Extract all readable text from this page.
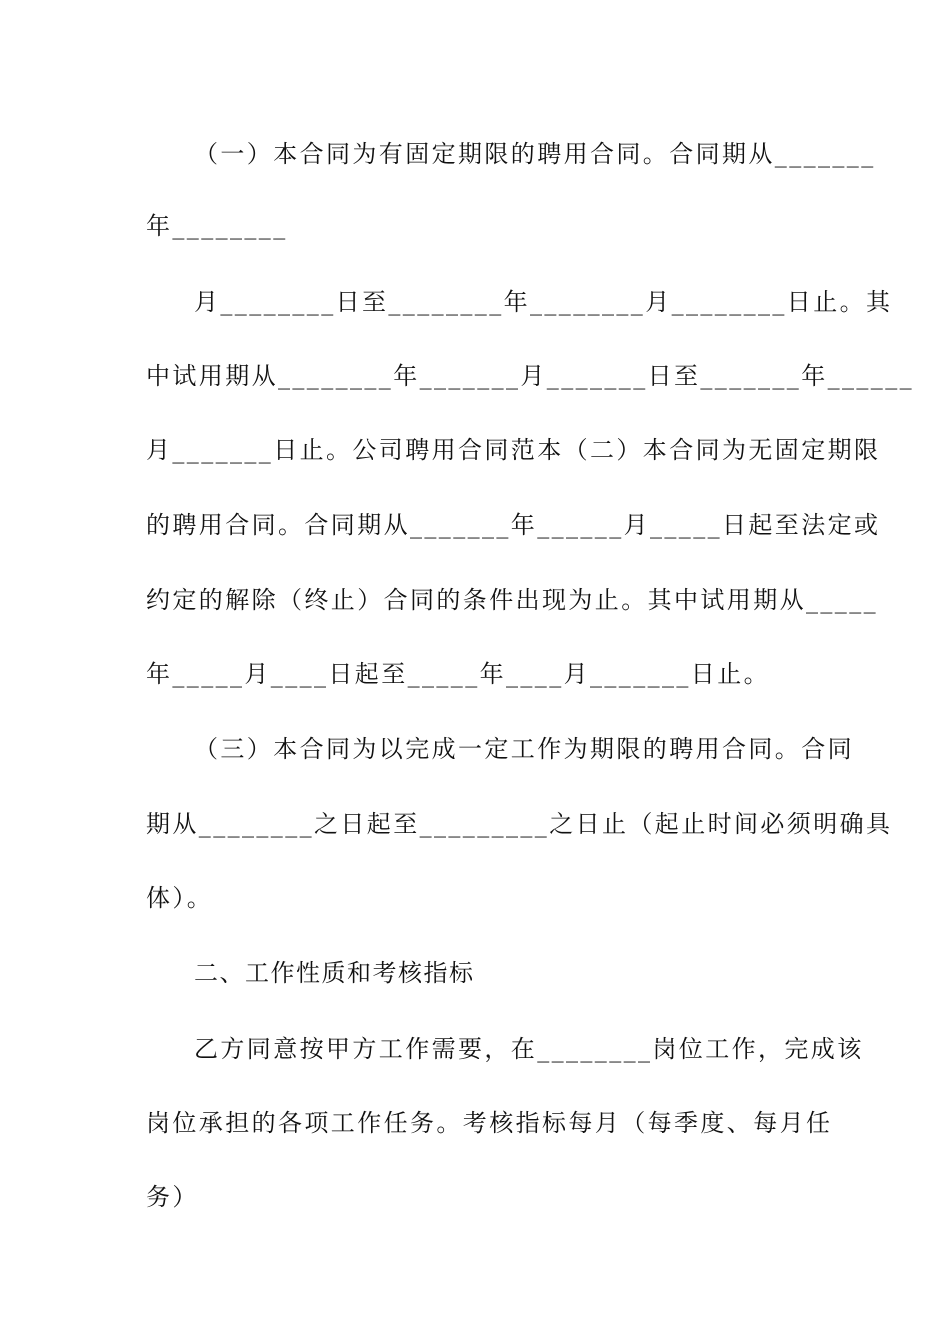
（一）本合同为有固定期限的聘用合同。合同期从_______
年________
月________日至________年________月________日止。其
中试用期从________年_______月_______日至_______年______
月_______日止。公司聘用合同范本（二）本合同为无固定期限
的聘用合同。合同期从_______年______月_____日起至法定或
约定的解除（终止）合同的条件出现为止。其中试用期从_____
年_____月____日起至_____年____月_______日止。
（三）本合同为以完成一定工作为期限的聘用合同。合同
期从________之日起至_________之日止（起止时间必须明确具
体）。
二、工作性质和考核指标
乙方同意按甲方工作需要，在________岗位工作，完成该
岗位承担的各项工作任务。考核指标每月（每季度、每月任
务）
